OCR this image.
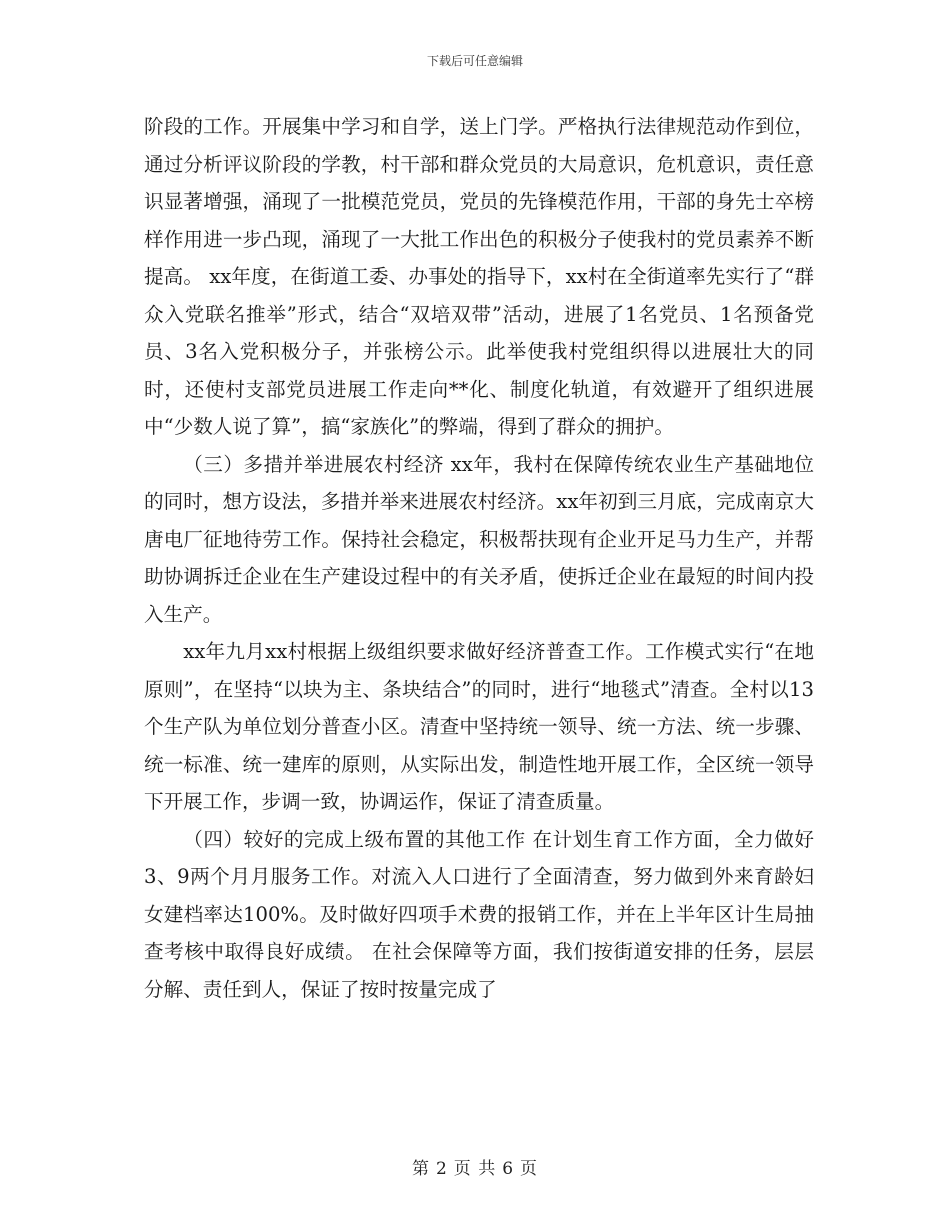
下载后可任意编辑

阶段的工作。开展集中学习和自学，送上门学。严格执行法律规范动作到位，通过分析评议阶段的学教，村干部和群众党员的大局意识，危机意识，责任意识显著增强，涌现了一批模范党员，党员的先锋模范作用，干部的身先士卒榜样作用进一步凸现，涌现了一大批工作出色的积极分子使我村的党员素养不断提高。 xx年度，在街道工委、办事处的指导下，xx村在全街道率先实行了“群众入党联名推举”形式，结合“双培双带”活动，进展了1名党员、1名预备党员、3名入党积极分子，并张榜公示。此举使我村党组织得以进展壮大的同时，还使村支部党员进展工作走向**化、制度化轨道，有效避开了组织进展中“少数人说了算”，搞“家族化”的弊端，得到了群众的拥护。

（三）多措并举进展农村经济 xx年，我村在保障传统农业生产基础地位的同时，想方设法，多措并举来进展农村经济。xx年初到三月底，完成南京大唐电厂征地待劳工作。保持社会稳定，积极帮扶现有企业开足马力生产，并帮助协调拆迁企业在生产建设过程中的有关矛盾，使拆迁企业在最短的时间内投入生产。

xx年九月xx村根据上级组织要求做好经济普查工作。工作模式实行“在地原则”，在坚持“以块为主、条块结合”的同时，进行“地毯式”清查。全村以13个生产队为单位划分普查小区。清查中坚持统一领导、统一方法、统一步骤、统一标准、统一建库的原则，从实际出发，制造性地开展工作，全区统一领导下开展工作，步调一致，协调运作，保证了清查质量。

（四）较好的完成上级布置的其他工作 在计划生育工作方面，全力做好3、9两个月月服务工作。对流入人口进行了全面清查，努力做到外来育龄妇女建档率达100%。及时做好四项手术费的报销工作，并在上半年区计生局抽查考核中取得良好成绩。 在社会保障等方面，我们按街道安排的任务，层层分解、责任到人，保证了按时按量完成了

第 2 页 共 6 页
